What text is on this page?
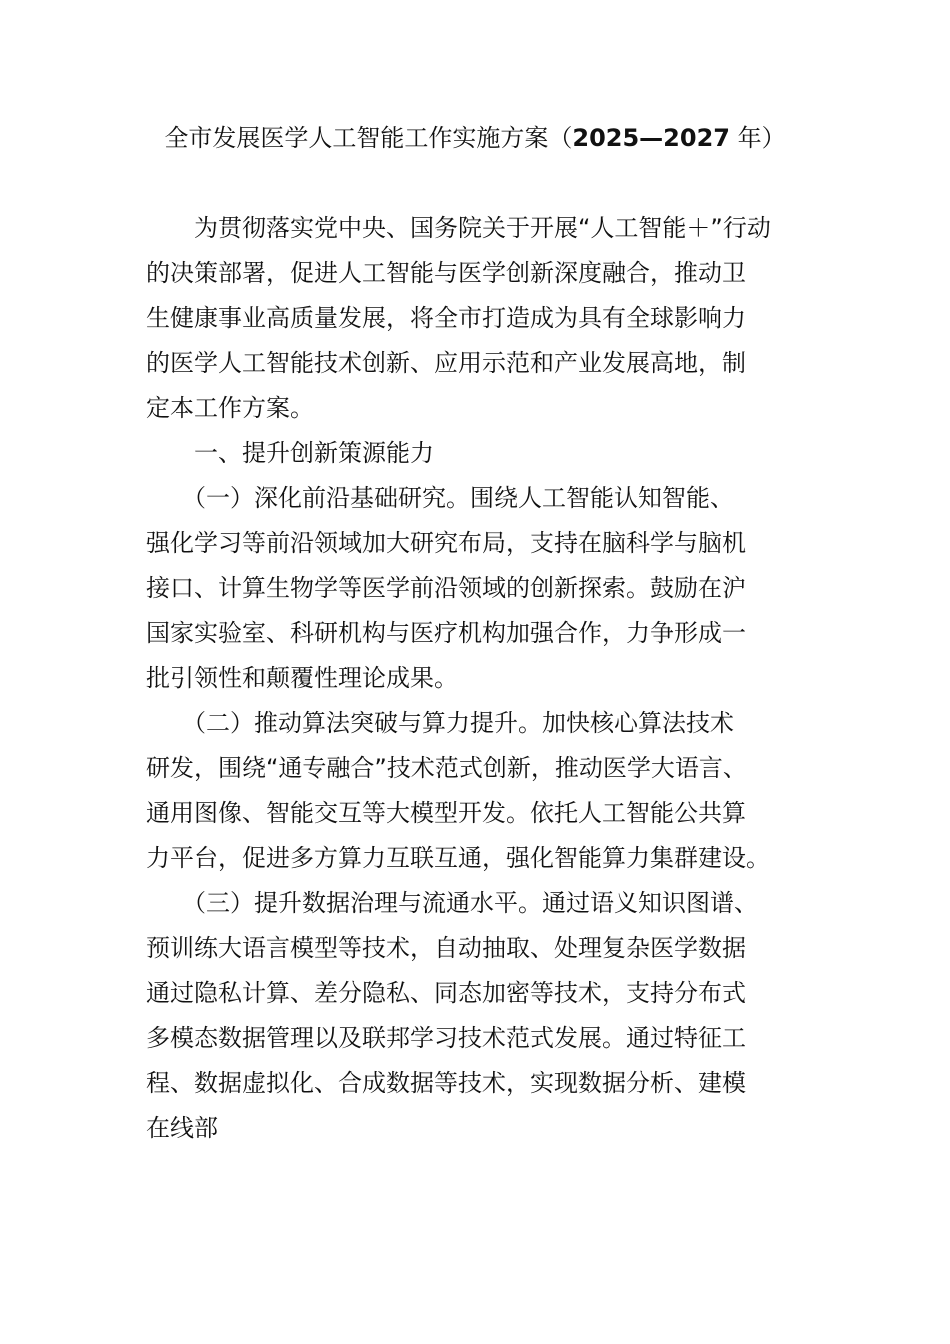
全市发展医学人工智能工作实施方案（2025—2027 年）
　　为贯彻落实党中央、国务院关于开展“人工智能＋”行动
的决策部署，促进人工智能与医学创新深度融合，推动卫
生健康事业高质量发展，将全市打造成为具有全球影响力
的医学人工智能技术创新、应用示范和产业发展高地，制
定本工作方案。
　　一、提升创新策源能力
　　（一）深化前沿基础研究。围绕人工智能认知智能、
强化学习等前沿领域加大研究布局，支持在脑科学与脑机
接口、计算生物学等医学前沿领域的创新探索。鼓励在沪
国家实验室、科研机构与医疗机构加强合作，力争形成一
批引领性和颠覆性理论成果。
　　（二）推动算法突破与算力提升。加快核心算法技术
研发，围绕“通专融合”技术范式创新，推动医学大语言、
通用图像、智能交互等大模型开发。依托人工智能公共算
力平台，促进多方算力互联互通，强化智能算力集群建设。
　　（三）提升数据治理与流通水平。通过语义知识图谱、
预训练大语言模型等技术，自动抽取、处理复杂医学数据
通过隐私计算、差分隐私、同态加密等技术，支持分布式
多模态数据管理以及联邦学习技术范式发展。通过特征工
程、数据虚拟化、合成数据等技术，实现数据分析、建模
在线部
